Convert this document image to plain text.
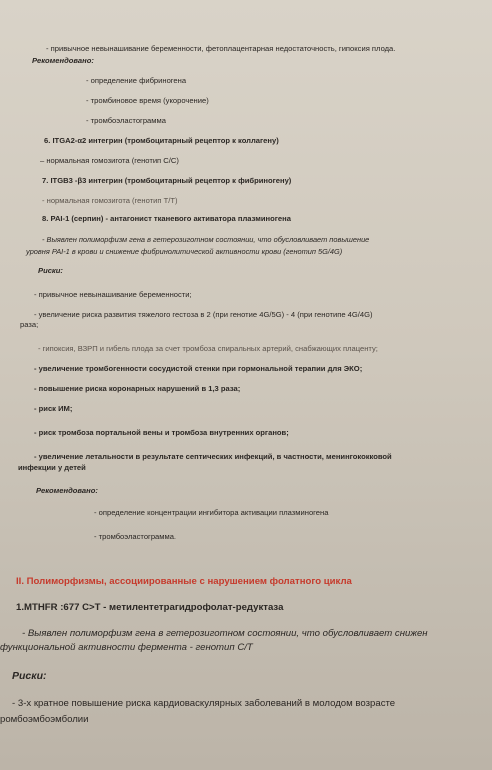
- привычное невынашивание беременности, фетоплацентарная недостаточность, гипоксия плода.
Рекомендовано:
- определение фибриногена
- тромбиновое время (укорочение)
- тромбоэластограмма
6. ITGA2-α2 интегрин (тромбоцитарный рецептор к коллагену)
– нормальная гомозигота (генотип C/C)
7. ITGB3 -β3 интегрин (тромбоцитарный рецептор к фибриногену)
- нормальная гомозигота (генотип T/T)
8. PAI-1 (серпин) - антагонист тканевого активатора плазминогена
- Выявлен полиморфизм гена в гетерозиготном состоянии, что обусловливает повышение
уровня PAI-1 в крови и снижение фибринолитической активности крови (генотип 5G/4G)
Риски:
- привычное невынашивание беременности;
- увеличение риска развития тяжелого гестоза в 2 (при генотие 4G/5G) - 4 (при генотипе 4G/4G)
раза;
- гипоксия, ВЗРП и гибель плода за счет тромбоза спиральных артерий, снабжающих плаценту;
- увеличение тромбогенности сосудистой стенки при гормональной терапии для ЭКО;
- повышение риска коронарных нарушений в 1,3 раза;
- риск ИМ;
- риск тромбоза портальной вены и тромбоза внутренних органов;
- увеличение летальности в результате септических инфекций, в частности, менингококковой
инфекции у детей
Рекомендовано:
- определение концентрации ингибитора активации плазминогена
- тромбоэластограмма.
II. Полиморфизмы, ассоциированные с нарушением фолатного цикла
1.MTHFR :677 C>T - метилентетрагидрофолат-редуктаза
- Выявлен полиморфизм гена в гетерозиготном состоянии, что обусловливает снижен
функциональной активности фермента - генотип C/T
Риски:
- 3-х кратное повышение риска кардиоваскулярных заболеваний в молодом возрасте
ромбоэмбоэмболии
